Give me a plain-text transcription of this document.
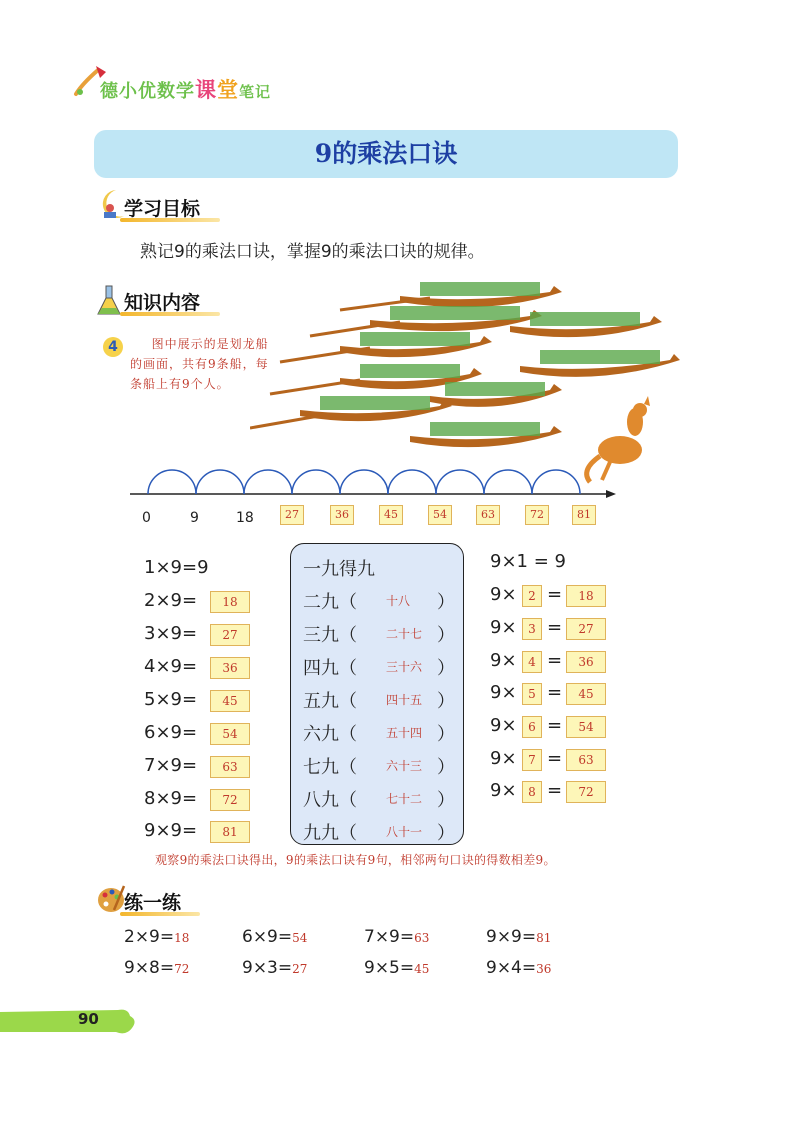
德小优数学课堂笔记
9的乘法口诀
学习目标
熟记9的乘法口诀，掌握9的乘法口诀的规律。
知识内容
4	图中展示的是划龙船的画面，共有9条船，每条船上有9个人。
0	9	18	27	36	45	54	63	72	81
1×9=9
2×9=	18
3×9=	27
4×9=	36
5×9=	45
6×9=	54
7×9=	63
8×9=	72
9×9=	81
一九得九
二九（ 十八 ）
三九（ 二十七 ）
四九（ 三十六 ）
五九（ 四十五 ）
六九（ 五十四 ）
七九（ 六十三 ）
八九（ 七十二 ）
九九（ 八十一 ）
9×1 = 9
9× 2 =	18
9× 3 =	27
9× 4 =	36
9× 5 =	45
9× 6 =	54
9× 7 =	63
9× 8 =	72
观察9的乘法口诀得出，9的乘法口诀有9句，相邻两句口诀的得数相差9。
练一练
2×9=18	6×9=54	7×9=63	9×9=81
9×8=72	9×3=27	9×5=45	9×4=36
90
